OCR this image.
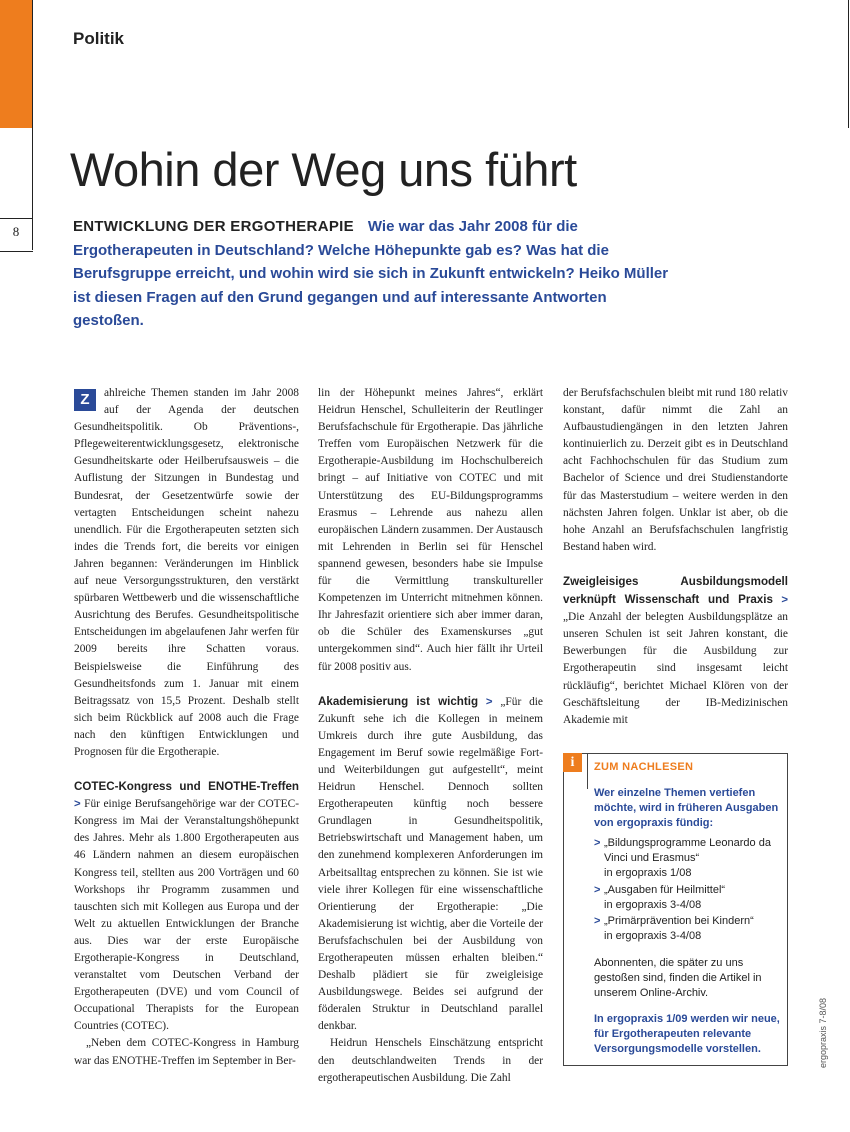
8
Politik
Wohin der Weg uns führt
ENTWICKLUNG DER ERGOTHERAPIE Wie war das Jahr 2008 für die Ergotherapeuten in Deutschland? Welche Höhepunkte gab es? Was hat die Berufsgruppe erreicht, und wohin wird sie sich in Zukunft entwickeln? Heiko Müller ist diesen Fragen auf den Grund gegangen und auf interessante Antworten gestoßen.

Z	ahlreiche Themen standen im Jahr 2008 auf der Agenda der deutschen Gesundheitspolitik. Ob Präventions-, Pflegeweiterentwicklungsgesetz, elektronische Gesundheitskarte oder Heilberufsausweis – die Auflistung der Sitzungen in Bundestag und Bundesrat, der Gesetzentwürfe sowie der vertagten Entscheidungen scheint nahezu unendlich. Für die Ergotherapeuten setzten sich indes die Trends fort, die bereits vor einigen Jahren begannen: Veränderungen im Hinblick auf neue Versorgungsstrukturen, den verstärkt spürbaren Wettbewerb und die wissenschaftliche Ausrichtung des Berufes. Gesundheitspolitische Entscheidungen im abgelaufenen Jahr werfen für 2009 bereits ihre Schatten voraus. Beispielsweise die Einführung des Gesundheitsfonds zum 1. Januar mit einem Beitragssatz von 15,5 Prozent. Deshalb stellt sich beim Rückblick auf 2008 auch die Frage nach den künftigen Entwicklungen und Prognosen für die Ergotherapie.

COTEC-Kongress und ENOTHE-Treffen > Für einige Berufsangehörige war der COTEC-Kongress im Mai der Veranstaltungshöhepunkt des Jahres. Mehr als 1.800 Ergotherapeuten aus 46 Ländern nahmen an diesem europäischen Kongress teil, stellten aus 200 Vorträgen und 60 Workshops ihr Programm zusammen und tauschten sich mit Kollegen aus Europa und der Welt zu aktuellen Entwicklungen der Branche aus. Dies war der erste Europäische Ergotherapie-Kongress in Deutschland, veranstaltet vom Deutschen Verband der Ergotherapeuten (DVE) und vom Council of Occupational Therapists for the European Countries (COTEC).

„Neben dem COTEC-Kongress in Hamburg war das ENOTHE-Treffen im September in Ber-

lin der Höhepunkt meines Jahres“, erklärt Heidrun Henschel, Schulleiterin der Reutlinger Berufsfachschule für Ergotherapie. Das jährliche Treffen vom Europäischen Netzwerk für die Ergotherapie-Ausbildung im Hochschulbereich bringt – auf Initiative von COTEC und mit Unterstützung des EU-Bildungsprogramms Erasmus – Lehrende aus nahezu allen europäischen Ländern zusammen. Der Austausch mit Lehrenden in Berlin sei für Henschel spannend gewesen, besonders habe sie Impulse für die Vermittlung transkultureller Kompetenzen im Unterricht mitnehmen können. Ihr Jahresfazit orientiere sich aber immer daran, ob die Schüler des Examenskurses „gut untergekommen sind“. Auch hier fällt ihr Urteil für 2008 positiv aus.

Akademisierung ist wichtig > „Für die Zukunft sehe ich die Kollegen in meinem Umkreis durch ihre gute Ausbildung, das Engagement im Beruf sowie regelmäßige Fort- und Weiterbildungen gut aufgestellt“, meint Heidrun Henschel. Dennoch sollten Ergotherapeuten künftig noch bessere Grundlagen in Gesundheitspolitik, Betriebswirtschaft und Management haben, um den zunehmend komplexeren Anforderungen im Arbeitsalltag entsprechen zu können. Sie ist wie viele ihrer Kollegen für eine wissenschaftliche Orientierung der Ergotherapie: „Die Akademisierung ist wichtig, aber die Vorteile der Berufsfachschulen bei der Ausbildung von Ergotherapeuten müssen erhalten bleiben.“ Deshalb plädiert sie für zweigleisige Ausbildungswege. Beides sei aufgrund der föderalen Struktur in Deutschland parallel denkbar.

Heidrun Henschels Einschätzung entspricht den deutschlandweiten Trends in der ergotherapeutischen Ausbildung. Die Zahl

der Berufsfachschulen bleibt mit rund 180 relativ konstant, dafür nimmt die Zahl an Aufbaustudiengängen in den letzten Jahren kontinuierlich zu. Derzeit gibt es in Deutschland acht Fachhochschulen für das Studium zum Bachelor of Science und drei Studienstandorte für das Masterstudium – weitere werden in den nächsten Jahren folgen. Unklar ist aber, ob die hohe Anzahl an Berufsfachschulen langfristig Bestand haben wird.

Zweigleisiges Ausbildungsmodell verknüpft Wissenschaft und Praxis > „Die Anzahl der belegten Ausbildungsplätze an unseren Schulen ist seit Jahren konstant, die Bewerbungen für die Ausbildung zur Ergotherapeutin sind insgesamt leicht rückläufig“, berichtet Michael Klören von der Geschäftsleitung der IB-Medizinischen Akademie mit

i	ZUM NACHLESEN

Wer einzelne Themen vertiefen möchte, wird in früheren Ausgaben von ergopraxis fündig:

> „Bildungsprogramme Leonardo da Vinci und Erasmus“
in ergopraxis 1/08
> „Ausgaben für Heilmittel“
in ergopraxis 3-4/08
> „Primärprävention bei Kindern“
in ergopraxis 3-4/08

Abonnenten, die später zu uns gestoßen sind, finden die Artikel in unserem Online-Archiv.

In ergopraxis 1/09 werden wir neue, für Ergotherapeuten relevante Versorgungsmodelle vorstellen.	ergopraxis 7-8/08
